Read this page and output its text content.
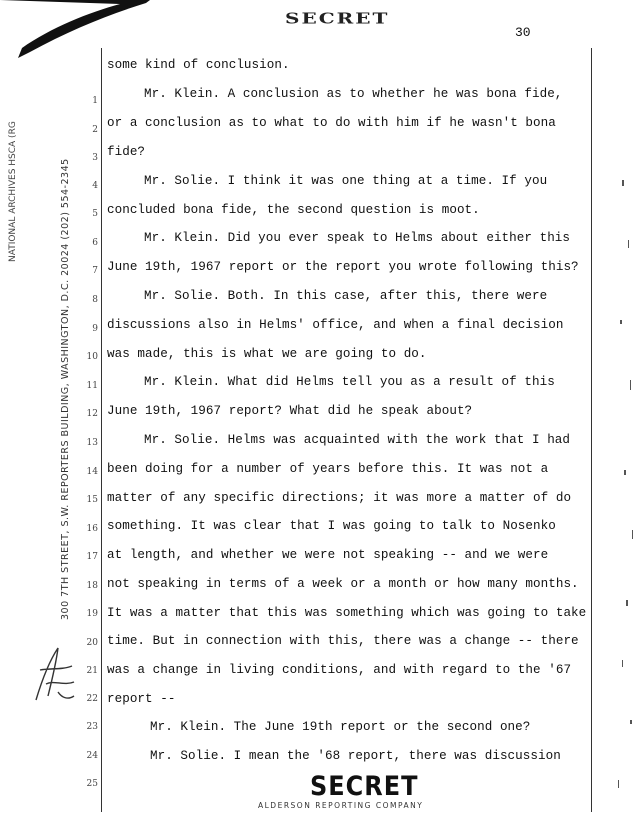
SECRET
30
NATIONAL ARCHIVES HSCA (RG	300 7TH STREET, S.W. REPORTERS BUILDING, WASHINGTON, D.C. 20024 (202) 554-2345
1
2
3
4
5
6
7
8
9
10
11
12
13
14
15
16
17
18
19
20
21
22
23
24
25
some kind of conclusion.
Mr. Klein. A conclusion as to whether he was bona fide,
or a conclusion as to what to do with him if he wasn't bona
fide?
Mr. Solie. I think it was one thing at a time. If you
concluded bona fide, the second question is moot.
Mr. Klein. Did you ever speak to Helms about either this
June 19th, 1967 report or the report you wrote following this?
Mr. Solie. Both. In this case, after this, there were
discussions also in Helms' office, and when a final decision
was made, this is what we are going to do.
Mr. Klein. What did Helms tell you as a result of this
June 19th, 1967 report? What did he speak about?
Mr. Solie. Helms was acquainted with the work that I had
been doing for a number of years before this. It was not a
matter of any specific directions; it was more a matter of do
something. It was clear that I was going to talk to Nosenko
at length, and whether we were not speaking -- and we were
not speaking in terms of a week or a month or how many months.
It was a matter that this was something which was going to take
time. But in connection with this, there was a change -- there
was a change in living conditions, and with regard to the '67
report --
Mr. Klein. The June 19th report or the second one?
Mr. Solie. I mean the '68 report, there was discussion
SECRET
ALDERSON REPORTING COMPANY
